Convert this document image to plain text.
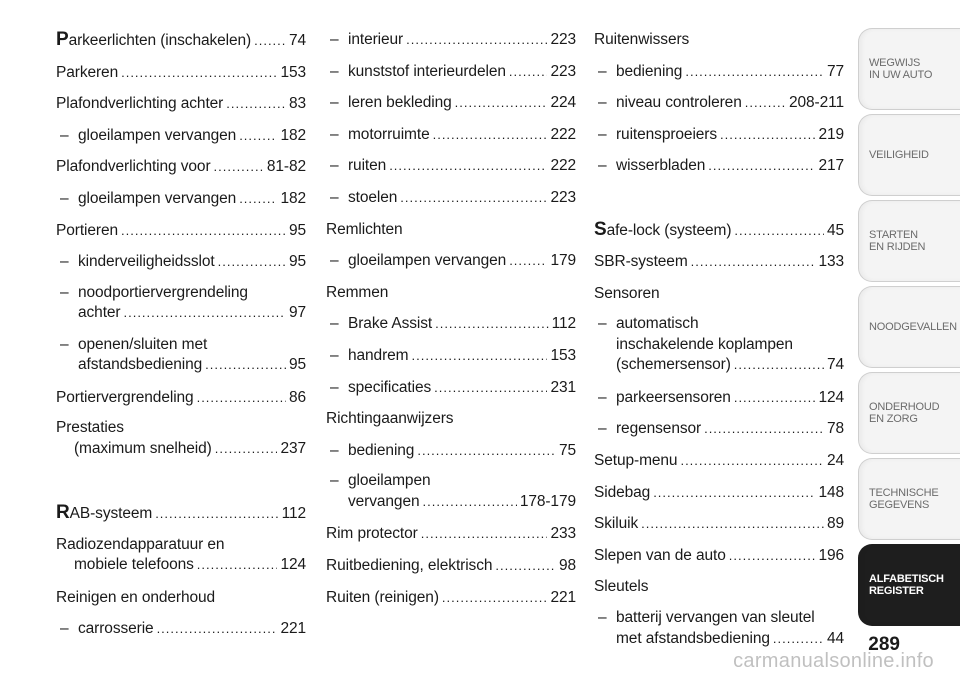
Parkeerlichten (inschakelen) ..... 74
Parkeren .....	153
Plafondverlichting achter .....	83
– gloeilampen vervangen .....	182
Plafondverlichting voor .....	81-82
– gloeilampen vervangen .....	182
Portieren .....	95
– kinderveiligheidsslot .....	95
– noodportiervergrendeling
achter .....	97
– openen/sluiten met
afstandsbediening .....	95
Portiervergrendeling .....	86
Prestaties
(maximum snelheid) .....	237
RAB-systeem .....	112
Radiozendapparatuur en
mobiele telefoons .....	124
Reinigen en onderhoud
– carrosserie .....	221
– interieur .....	223
– kunststof interieurdelen .....	223
– leren bekleding .....	224
– motorruimte .....	222
– ruiten .....	222
– stoelen .....	223
Remlichten
– gloeilampen vervangen .....	179
Remmen
– Brake Assist .....	112
– handrem .....	153
– specificaties .....	231
Richtingaanwijzers
– bediening .....	75
– gloeilampen
vervangen .....	178-179
Rim protector .....	233
Ruitbediening, elektrisch .....	98
Ruiten (reinigen) .....	221
Ruitenwissers
– bediening .....	77
– niveau controleren .....	208-211
– ruitensproeiers .....	219
– wisserbladen .....	217
Safe-lock (systeem) .....	45
SBR-systeem .....	133
Sensoren
– automatisch
inschakelende koplampen
(schemersensor) .....	74
– parkeersensoren .....	124
– regensensor .....	78
Setup-menu .....	24
Sidebag .....	148
Skiluik .....	89
Slepen van de auto .....	196
Sleutels
– batterij vervangen van sleutel
met afstandsbediening .....	44
WEGWIJS
IN UW AUTO
VEILIGHEID
STARTEN
EN RIJDEN
NOODGEVALLEN
ONDERHOUD
EN ZORG
TECHNISCHE
GEGEVENS
ALFABETISCH
REGISTER
289
carmanualsonline.info
